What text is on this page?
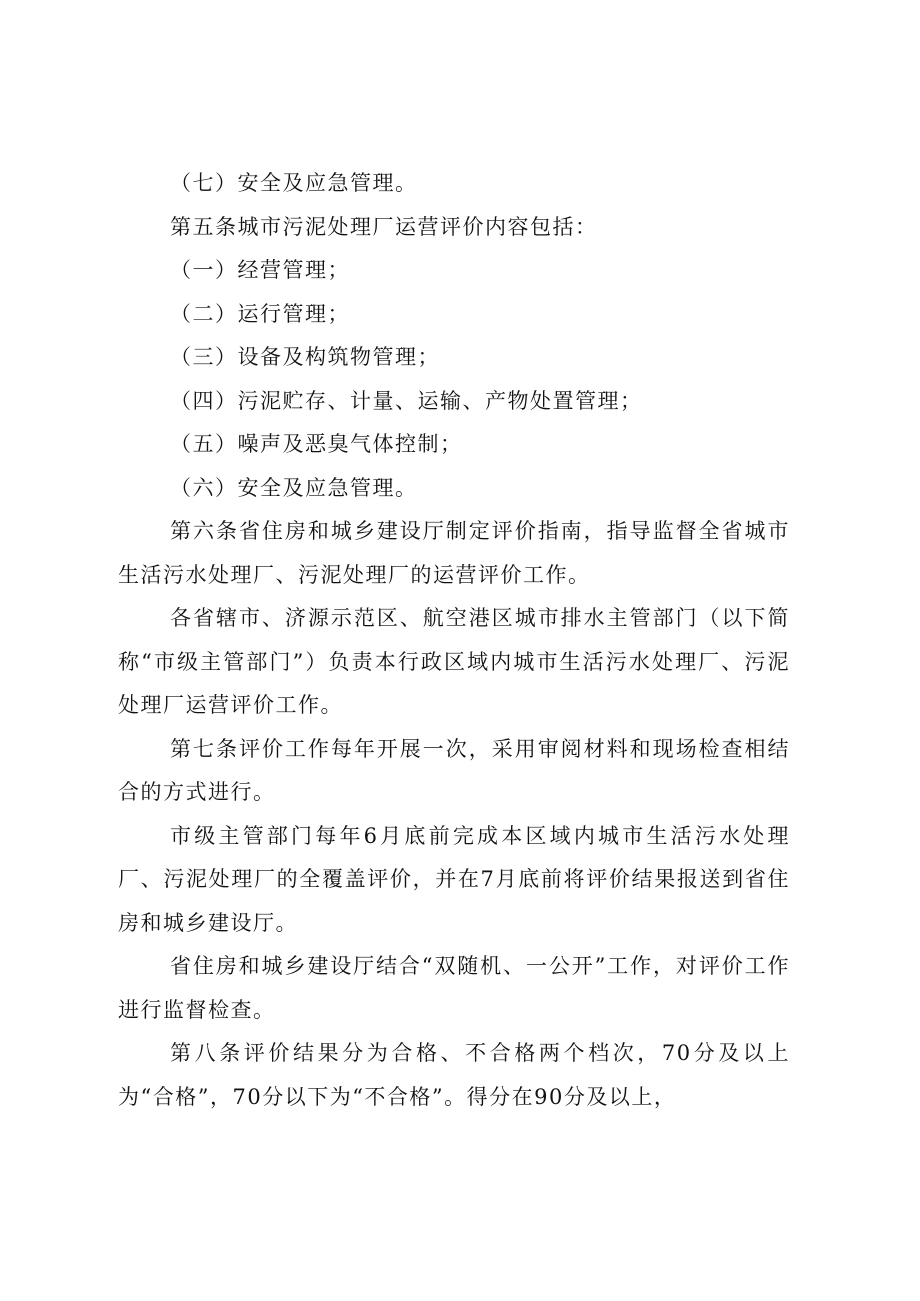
（七）安全及应急管理。

第五条城市污泥处理厂运营评价内容包括：

（一）经营管理；

（二）运行管理；

（三）设备及构筑物管理；

（四）污泥贮存、计量、运输、产物处置管理；

（五）噪声及恶臭气体控制；

（六）安全及应急管理。

第六条省住房和城乡建设厅制定评价指南，指导监督全省城市生活污水处理厂、污泥处理厂的运营评价工作。

各省辖市、济源示范区、航空港区城市排水主管部门（以下简称“市级主管部门”）负责本行政区域内城市生活污水处理厂、污泥处理厂运营评价工作。

第七条评价工作每年开展一次，采用审阅材料和现场检查相结合的方式进行。

市级主管部门每年6月底前完成本区域内城市生活污水处理厂、污泥处理厂的全覆盖评价，并在7月底前将评价结果报送到省住房和城乡建设厅。

省住房和城乡建设厅结合“双随机、一公开”工作，对评价工作进行监督检查。

第八条评价结果分为合格、不合格两个档次，70分及以上为“合格”，70分以下为“不合格”。得分在90分及以上，
